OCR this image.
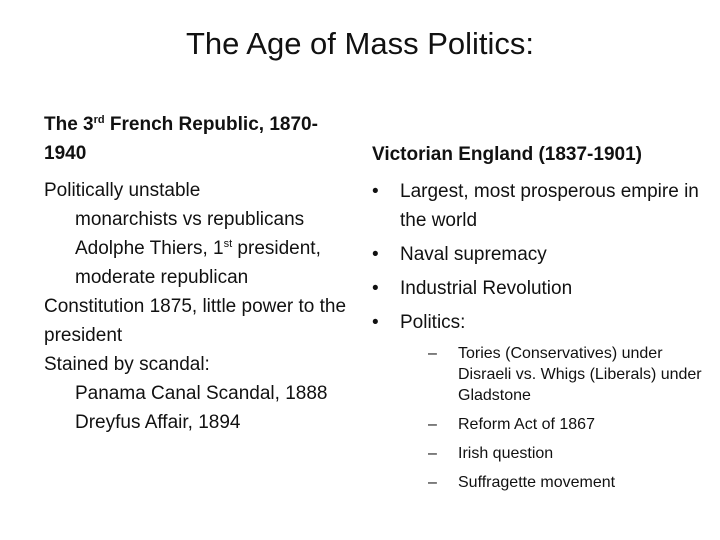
The Age of Mass Politics:
The 3rd French Republic, 1870-1940

Politically unstable

monarchists vs republicans

Adolphe Thiers, 1st president, moderate republican

Constitution 1875, little power to the president

Stained by scandal:

Panama Canal Scandal, 1888

Dreyfus Affair, 1894

Victorian England (1837-1901)
• Largest, most prosperous empire in the world
• Naval supremacy
• Industrial Revolution
• Politics:
– Tories (Conservatives) under Disraeli vs. Whigs (Liberals) under Gladstone
– Reform Act of 1867
– Irish question
– Suffragette movement
